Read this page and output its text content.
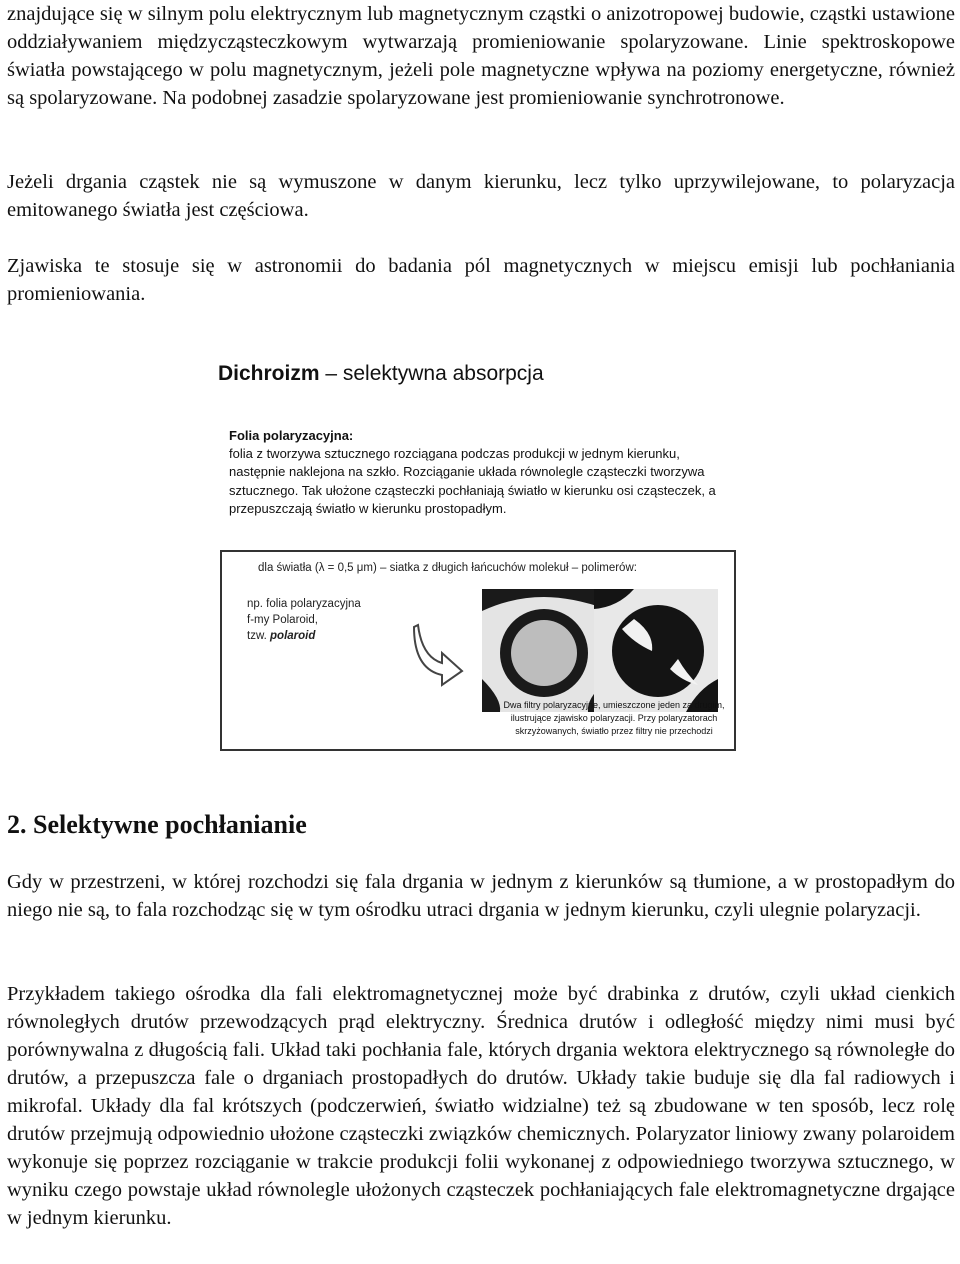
znajdujące się w silnym polu elektrycznym lub magnetycznym cząstki o anizotropowej budowie, cząstki ustawione oddziaływaniem międzycząsteczkowym wytwarzają promieniowanie spolaryzowane. Linie spektroskopowe światła powstającego w polu magnetycznym, jeżeli pole magnetyczne wpływa na poziomy energetyczne, również są spolaryzowane. Na podobnej zasadzie spolaryzowane jest promieniowanie synchrotronowe.

Jeżeli drgania cząstek nie są wymuszone w danym kierunku, lecz tylko uprzywilejowane, to polaryzacja emitowanego światła jest częściowa.

Zjawiska te stosuje się w astronomii do badania pól magnetycznych w miejscu emisji lub pochłaniania promieniowania.

Dichroizm – selektywna absorpcja
Folia polaryzacyjna:
folia z tworzywa sztucznego rozciągana podczas produkcji w jednym kierunku, następnie naklejona na szkło. Rozciąganie układa równolegle cząsteczki tworzywa sztucznego. Tak ułożone cząsteczki pochłaniają światło w kierunku osi cząsteczek, a przepuszczają światło w kierunku prostopadłym.
dla światła (λ = 0,5 μm) – siatka z długich łańcuchów molekuł – polimerów:
np. folia polaryzacyjna
f-my Polaroid,
tzw. polaroid
Dwa filtry polaryzacyjne, umieszczone jeden za drugim, ilustrujące zjawisko polaryzacji. Przy polaryzatorach skrzyżowanych, światło przez filtry nie przechodzi
2. Selektywne pochłanianie

Gdy w przestrzeni, w której rozchodzi się fala drgania w jednym z kierunków są tłumione, a w prostopadłym do niego nie są, to fala rozchodząc się w tym ośrodku utraci drgania w jednym kierunku, czyli ulegnie polaryzacji.

Przykładem takiego ośrodka dla fali elektromagnetycznej może być drabinka z drutów, czyli układ cienkich równoległych drutów przewodzących prąd elektryczny. Średnica drutów i odległość między nimi musi być porównywalna z długością fali. Układ taki pochłania fale, których drgania wektora elektrycznego są równoległe do drutów, a przepuszcza fale o drganiach prostopadłych do drutów. Układy takie buduje się dla fal radiowych i mikrofal. Układy dla fal krótszych (podczerwień, światło widzialne) też są zbudowane w ten sposób, lecz rolę drutów przejmują odpowiednio ułożone cząsteczki związków chemicznych. Polaryzator liniowy zwany polaroidem wykonuje się poprzez rozciąganie w trakcie produkcji folii wykonanej z odpowiedniego tworzywa sztucznego, w wyniku czego powstaje układ równolegle ułożonych cząsteczek pochłaniających fale elektromagnetyczne drgające w jednym kierunku.
